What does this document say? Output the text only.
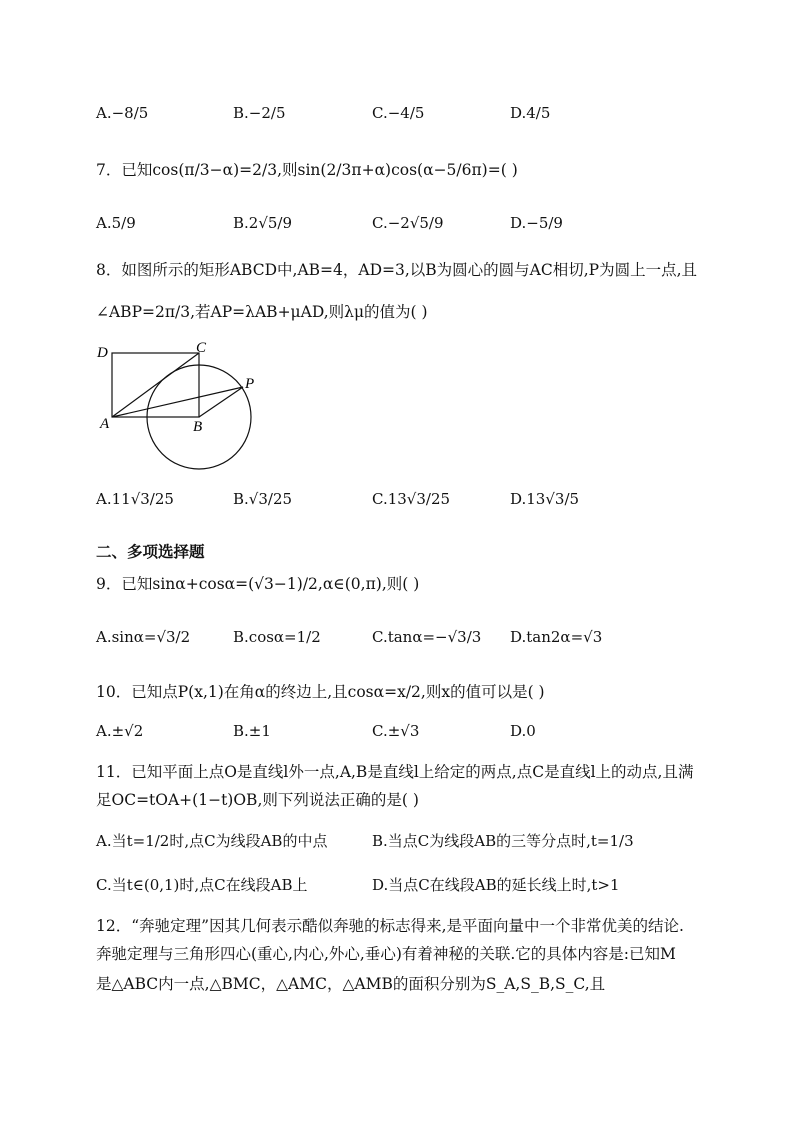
A.−8/5	B.−2/5	C.−4/5	D.4/5
7．已知cos(π/3−α)=2/3,则sin(2/3π+α)cos(α−5/6π)=( )
A.5/9	B.2√5/9	C.−2√5/9	D.−5/9
8．如图所示的矩形ABCD中,AB=4，AD=3,以B为圆心的圆与AC相切,P为圆上一点,且
∠ABP=2π/3,若AP=λAB+μAD,则λμ的值为( )
D	C
P
A	B
A.11√3/25	B.√3/25	C.13√3/25	D.13√3/5
二、多项选择题
9．已知sinα+cosα=(√3−1)/2,α∈(0,π),则( )
A.sinα=√3/2	B.cosα=1/2	C.tanα=−√3/3 D.tan2α=√3
10．已知点P(x,1)在角α的终边上,且cosα=x/2,则x的值可以是( )
A.±√2	B.±1	C.±√3	D.0
11．已知平面上点O是直线l外一点,A,B是直线l上给定的两点,点C是直线l上的动点,且满
足OC=tOA+(1−t)OB,则下列说法正确的是( )
A.当t=1/2时,点C为线段AB的中点	B.当点C为线段AB的三等分点时,t=1/3
C.当t∈(0,1)时,点C在线段AB上	D.当点C在线段AB的延长线上时,t>1
12．“奔驰定理”因其几何表示酷似奔驰的标志得来,是平面向量中一个非常优美的结论.
奔驰定理与三角形四心(重心,内心,外心,垂心)有着神秘的关联.它的具体内容是:已知M
是△ABC内一点,△BMC，△AMC，△AMB的面积分别为S_A,S_B,S_C,且
